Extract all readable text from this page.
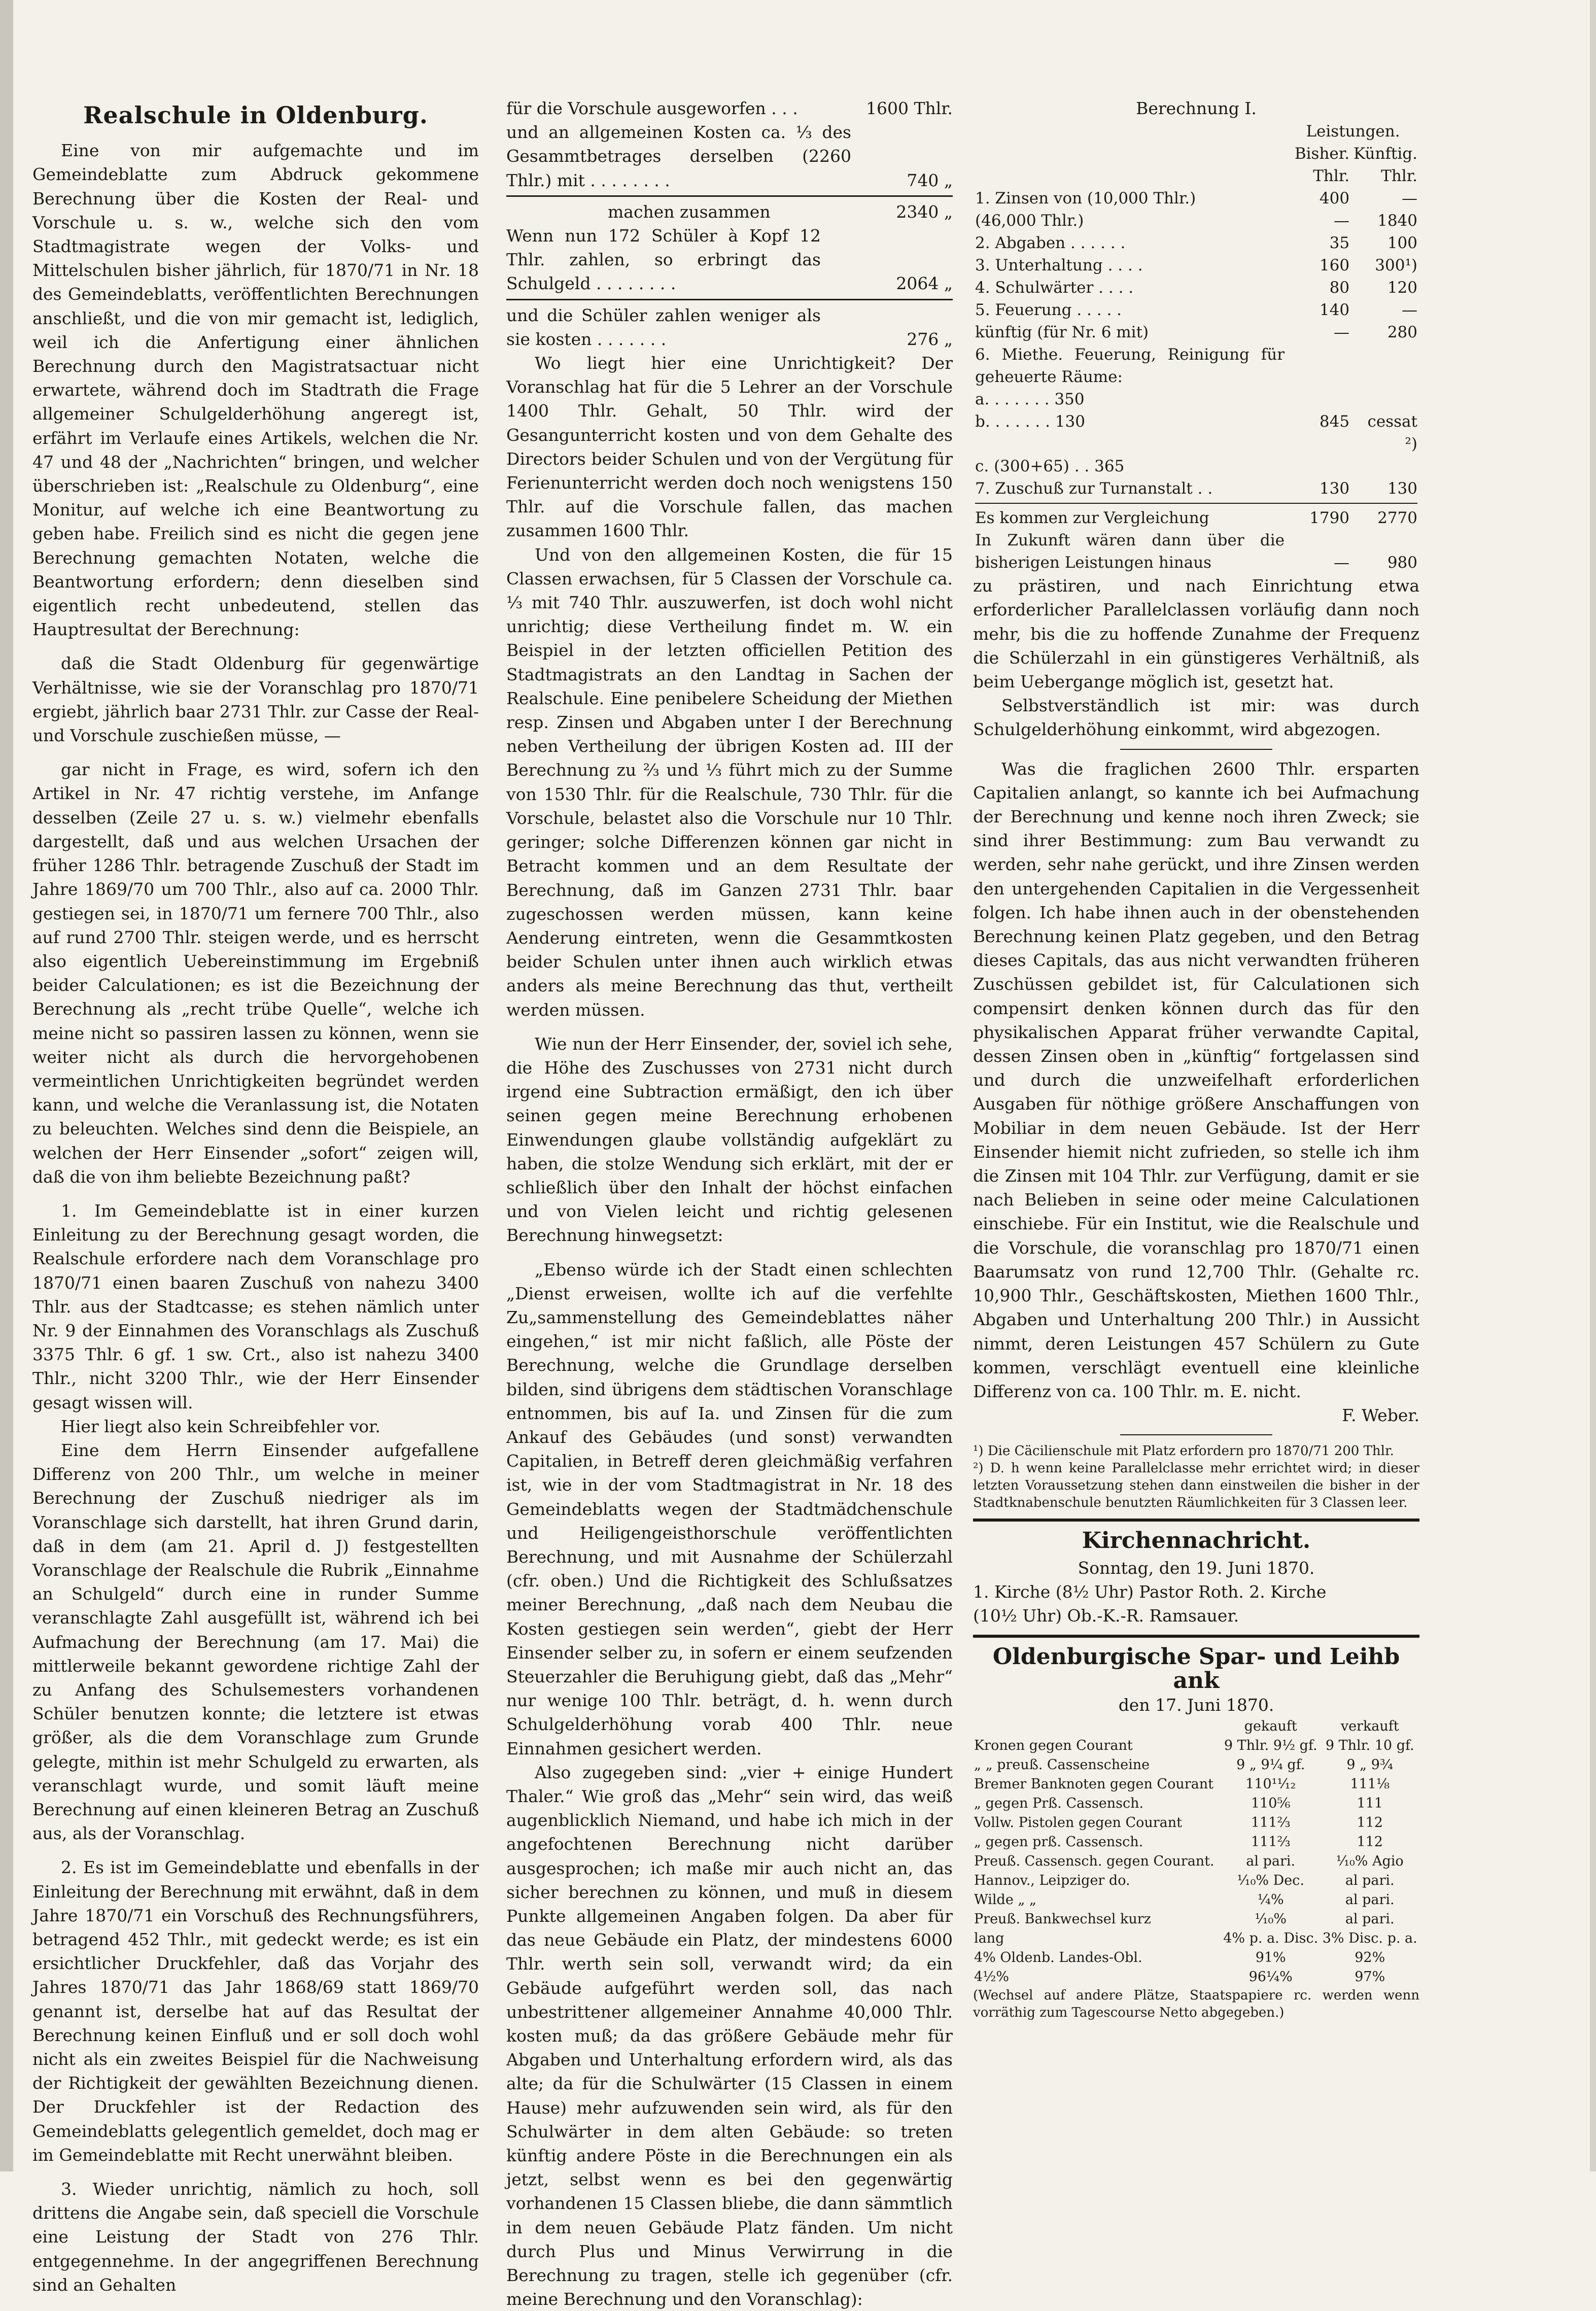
Realschule in Oldenburg.

Eine von mir aufgemachte und im Gemeindeblatte zum Abdruck gekommene Berechnung über die Kosten der Real- und Vorschule u. s. w., welche sich den vom Stadtmagistrate wegen der Volks- und Mittelschulen bisher jährlich, für 1870/71 in Nr. 18 des Gemeindeblatts, veröffentlichten Berechnungen anschließt, und die von mir gemacht ist, lediglich, weil ich die Anfertigung einer ähnlichen Berechnung durch den Magistratsactuar nicht erwartete, während doch im Stadtrath die Frage allgemeiner Schulgelderhöhung angeregt ist, erfährt im Verlaufe eines Artikels, welchen die Nr. 47 und 48 der „Nachrichten“ bringen, und welcher überschrieben ist: „Realschule zu Oldenburg“, eine Monitur, auf welche ich eine Beantwortung zu geben habe. Freilich sind es nicht die gegen jene Berechnung gemachten Notaten, welche die Beantwortung erfordern; denn dieselben sind eigentlich recht unbedeutend, stellen das Hauptresultat der Berechnung:

daß die Stadt Oldenburg für gegenwärtige Verhältnisse, wie sie der Voranschlag pro 1870/71 ergiebt, jährlich baar 2731 Thlr. zur Casse der Real- und Vorschule zuschießen müsse, —

gar nicht in Frage, es wird, sofern ich den Artikel in Nr. 47 richtig verstehe, im Anfange desselben (Zeile 27 u. s. w.) vielmehr ebenfalls dargestellt, daß und aus welchen Ursachen der früher 1286 Thlr. betragende Zuschuß der Stadt im Jahre 1869/70 um 700 Thlr., also auf ca. 2000 Thlr. gestiegen sei, in 1870/71 um fernere 700 Thlr., also auf rund 2700 Thlr. steigen werde, und es herrscht also eigentlich Uebereinstimmung im Ergebniß beider Calculationen; es ist die Bezeichnung der Berechnung als „recht trübe Quelle“, welche ich meine nicht so passiren lassen zu können, wenn sie weiter nicht als durch die hervorgehobenen vermeintlichen Unrichtigkeiten begründet werden kann, und welche die Veranlassung ist, die Notaten zu beleuchten. Welches sind denn die Beispiele, an welchen der Herr Einsender „sofort“ zeigen will, daß die von ihm beliebte Bezeichnung paßt?

1. Im Gemeindeblatte ist in einer kurzen Einleitung zu der Berechnung gesagt worden, die Realschule erfordere nach dem Voranschlage pro 1870/71 einen baaren Zuschuß von nahezu 3400 Thlr. aus der Stadtcasse; es stehen nämlich unter Nr. 9 der Einnahmen des Voranschlags als Zuschuß 3375 Thlr. 6 gf. 1 sw. Crt., also ist nahezu 3400 Thlr., nicht 3200 Thlr., wie der Herr Einsender gesagt wissen will.

Hier liegt also kein Schreibfehler vor.

Eine dem Herrn Einsender aufgefallene Differenz von 200 Thlr., um welche in meiner Berechnung der Zuschuß niedriger als im Voranschlage sich darstellt, hat ihren Grund darin, daß in dem (am 21. April d. J) festgestellten Voranschlage der Realschule die Rubrik „Einnahme an Schulgeld“ durch eine in runder Summe veranschlagte Zahl ausgefüllt ist, während ich bei Aufmachung der Berechnung (am 17. Mai) die mittlerweile bekannt gewordene richtige Zahl der zu Anfang des Schulsemesters vorhandenen Schüler benutzen konnte; die letztere ist etwas größer, als die dem Voranschlage zum Grunde gelegte, mithin ist mehr Schulgeld zu erwarten, als veranschlagt wurde, und somit läuft meine Berechnung auf einen kleineren Betrag an Zuschuß aus, als der Voranschlag.

2. Es ist im Gemeindeblatte und ebenfalls in der Einleitung der Berechnung mit erwähnt, daß in dem Jahre 1870/71 ein Vorschuß des Rechnungsführers, betragend 452 Thlr., mit gedeckt werde; es ist ein ersichtlicher Druckfehler, daß das Vorjahr des Jahres 1870/71 das Jahr 1868/69 statt 1869/70 genannt ist, derselbe hat auf das Resultat der Berechnung keinen Einfluß und er soll doch wohl nicht als ein zweites Beispiel für die Nachweisung der Richtigkeit der gewählten Bezeichnung dienen. Der Druckfehler ist der Redaction des Gemeindeblatts gelegentlich gemeldet, doch mag er im Gemeindeblatte mit Recht unerwähnt bleiben.

3. Wieder unrichtig, nämlich zu hoch, soll drittens die Angabe sein, daß speciell die Vorschule eine Leistung der Stadt von 276 Thlr. entgegennehme. In der angegriffenen Berechnung sind an Gehalten

für die Vorschule ausgeworfen . . .	1600 Thlr.
und an allgemeinen Kosten ca. ⅓ des Gesammtbetrages derselben (2260 Thlr.) mit . . . . . . . .	740 „
machen zusammen	2340 „
Wenn nun 172 Schüler à Kopf 12 Thlr. zahlen, so erbringt das Schulgeld . . . . . . . .	2064 „
und die Schüler zahlen weniger als sie kosten . . . . . . .	276 „

Wo liegt hier eine Unrichtigkeit? Der Voranschlag hat für die 5 Lehrer an der Vorschule 1400 Thlr. Gehalt, 50 Thlr. wird der Gesangunterricht kosten und von dem Gehalte des Directors beider Schulen und von der Vergütung für Ferienunterricht werden doch noch wenigstens 150 Thlr. auf die Vorschule fallen, das machen zusammen 1600 Thlr.

Und von den allgemeinen Kosten, die für 15 Classen erwachsen, für 5 Classen der Vorschule ca. ⅓ mit 740 Thlr. auszuwerfen, ist doch wohl nicht unrichtig; diese Vertheilung findet m. W. ein Beispiel in der letzten officiellen Petition des Stadtmagistrats an den Landtag in Sachen der Realschule. Eine penibelere Scheidung der Miethen resp. Zinsen und Abgaben unter I der Berechnung neben Vertheilung der übrigen Kosten ad. III der Berechnung zu ⅔ und ⅓ führt mich zu der Summe von 1530 Thlr. für die Realschule, 730 Thlr. für die Vorschule, belastet also die Vorschule nur 10 Thlr. geringer; solche Differenzen können gar nicht in Betracht kommen und an dem Resultate der Berechnung, daß im Ganzen 2731 Thlr. baar zugeschossen werden müssen, kann keine Aenderung eintreten, wenn die Gesammtkosten beider Schulen unter ihnen auch wirklich etwas anders als meine Berechnung das thut, vertheilt werden müssen.

Wie nun der Herr Einsender, der, soviel ich sehe, die Höhe des Zuschusses von 2731 nicht durch irgend eine Subtraction ermäßigt, den ich über seinen gegen meine Berechnung erhobenen Einwendungen glaube vollständig aufgeklärt zu haben, die stolze Wendung sich erklärt, mit der er schließlich über den Inhalt der höchst einfachen und von Vielen leicht und richtig gelesenen Berechnung hinwegsetzt:

„Ebenso würde ich der Stadt einen schlechten „Dienst erweisen, wollte ich auf die verfehlte Zu„sammenstellung des Gemeindeblattes näher eingehen,“ ist mir nicht faßlich, alle Pöste der Berechnung, welche die Grundlage derselben bilden, sind übrigens dem städtischen Voranschlage entnommen, bis auf Ia. und Zinsen für die zum Ankauf des Gebäudes (und sonst) verwandten Capitalien, in Betreff deren gleichmäßig verfahren ist, wie in der vom Stadtmagistrat in Nr. 18 des Gemeindeblatts wegen der Stadtmädchenschule und Heiligengeisthorschule veröffentlichten Berechnung, und mit Ausnahme der Schülerzahl (cfr. oben.) Und die Richtigkeit des Schlußsatzes meiner Berechnung, „daß nach dem Neubau die Kosten gestiegen sein werden“, giebt der Herr Einsender selber zu, in sofern er einem seufzenden Steuerzahler die Beruhigung giebt, daß das „Mehr“ nur wenige 100 Thlr. beträgt, d. h. wenn durch Schulgelderhöhung vorab 400 Thlr. neue Einnahmen gesichert werden.

Also zugegeben sind: „vier + einige Hundert Thaler.“ Wie groß das „Mehr“ sein wird, das weiß augenblicklich Niemand, und habe ich mich in der angefochtenen Berechnung nicht darüber ausgesprochen; ich maße mir auch nicht an, das sicher berechnen zu können, und muß in diesem Punkte allgemeinen Angaben folgen. Da aber für das neue Gebäude ein Platz, der mindestens 6000 Thlr. werth sein soll, verwandt wird; da ein Gebäude aufgeführt werden soll, das nach unbestrittener allgemeiner Annahme 40,000 Thlr. kosten muß; da das größere Gebäude mehr für Abgaben und Unterhaltung erfordern wird, als das alte; da für die Schulwärter (15 Classen in einem Hause) mehr aufzuwenden sein wird, als für den Schulwärter in dem alten Gebäude: so treten künftig andere Pöste in die Berechnungen ein als jetzt, selbst wenn es bei den gegenwärtig vorhandenen 15 Classen bliebe, die dann sämmtlich in dem neuen Gebäude Platz fänden. Um nicht durch Plus und Minus Verwirrung in die Berechnung zu tragen, stelle ich gegenüber (cfr. meine Berechnung und den Voranschlag):

Berechnung I.
	Leistungen.	
	Bisher. Thlr.	Künftig. Thlr.
1. Zinsen von (10,000 Thlr.)	400	—
(46,000 Thlr.)	—	1840
2. Abgaben . . . . . .	35	100
3. Unterhaltung . . . .	160	300¹)
4. Schulwärter . . . .	80	120
5. Feuerung . . . . .	140	—
künftig (für Nr. 6 mit)	—	280
6. Miethe. Feuerung, Reinigung für geheuerte Räume:		
a. . . . . . . 350		
b. . . . . . . 130	845	cessat ²)
c. (300+65) . . 365		
7. Zuschuß zur Turnanstalt . .	130	130

Es kommen zur Vergleichung	1790	2770
In Zukunft wären dann über die bisherigen Leistungen hinaus	—	980

zu prästiren, und nach Einrichtung etwa erforderlicher Parallelclassen vorläufig dann noch mehr, bis die zu hoffende Zunahme der Frequenz die Schülerzahl in ein günstigeres Verhältniß, als beim Uebergange möglich ist, gesetzt hat.

Selbstverständlich ist mir: was durch Schulgelderhöhung einkommt, wird abgezogen.

Was die fraglichen 2600 Thlr. ersparten Capitalien anlangt, so kannte ich bei Aufmachung der Berechnung und kenne noch ihren Zweck; sie sind ihrer Bestimmung: zum Bau verwandt zu werden, sehr nahe gerückt, und ihre Zinsen werden den untergehenden Capitalien in die Vergessenheit folgen. Ich habe ihnen auch in der obenstehenden Berechnung keinen Platz gegeben, und den Betrag dieses Capitals, das aus nicht verwandten früheren Zuschüssen gebildet ist, für Calculationen sich compensirt denken können durch das für den physikalischen Apparat früher verwandte Capital, dessen Zinsen oben in „künftig“ fortgelassen sind und durch die unzweifelhaft erforderlichen Ausgaben für nöthige größere Anschaffungen von Mobiliar in dem neuen Gebäude. Ist der Herr Einsender hiemit nicht zufrieden, so stelle ich ihm die Zinsen mit 104 Thlr. zur Verfügung, damit er sie nach Belieben in seine oder meine Calculationen einschiebe. Für ein Institut, wie die Realschule und die Vorschule, die voranschlag pro 1870/71 einen Baarumsatz von rund 12,700 Thlr. (Gehalte rc. 10,900 Thlr., Geschäftskosten, Miethen 1600 Thlr., Abgaben und Unterhaltung 200 Thlr.) in Aussicht nimmt, deren Leistungen 457 Schülern zu Gute kommen, verschlägt eventuell eine kleinliche Differenz von ca. 100 Thlr. m. E. nicht.

F. Weber.

¹) Die Cäcilienschule mit Platz erfordern pro 1870/71 200 Thlr.

²) D. h wenn keine Parallelclasse mehr errichtet wird; in dieser letzten Voraussetzung stehen dann einstweilen die bisher in der Stadtknabenschule benutzten Räumlichkeiten für 3 Classen leer.

Kirchennachricht.
Sonntag, den 19. Juni 1870.
1. Kirche (8½ Uhr) Pastor Roth. 2. Kirche
(10½ Uhr) Ob.-K.-R. Ramsauer.
Oldenburgische Spar- und Leihb ank
den 17. Juni 1870.
	gekauft	verkauft
Kronen gegen Courant	9 Thlr. 9½ gf.	9 Thlr. 10 gf.
„ „ preuß. Cassenscheine	9 „ 9¼ gf.	9 „ 9¾
Bremer Banknoten gegen Courant	110¹¹⁄₁₂	111⅛
„ gegen Prß. Cassensch.	110⅚	111
Vollw. Pistolen gegen Courant	111⅔	112
„ gegen prß. Cassensch.	111⅔	112
Preuß. Cassensch. gegen Courant.	al pari.	¹⁄₁₀% Agio
Hannov., Leipziger do.	¹⁄₁₀% Dec.	al pari.
Wilde „ „	¼%	al pari.
Preuß. Bankwechsel kurz	¹⁄₁₀%	al pari.
lang	4% p. a. Disc.	3% Disc. p. a.
4% Oldenb. Landes-Obl.	91%	92%
4½%	96¼%	97%

(Wechsel auf andere Plätze, Staatspapiere rc. werden wenn vorräthig zum Tagescourse Netto abgegeben.)
